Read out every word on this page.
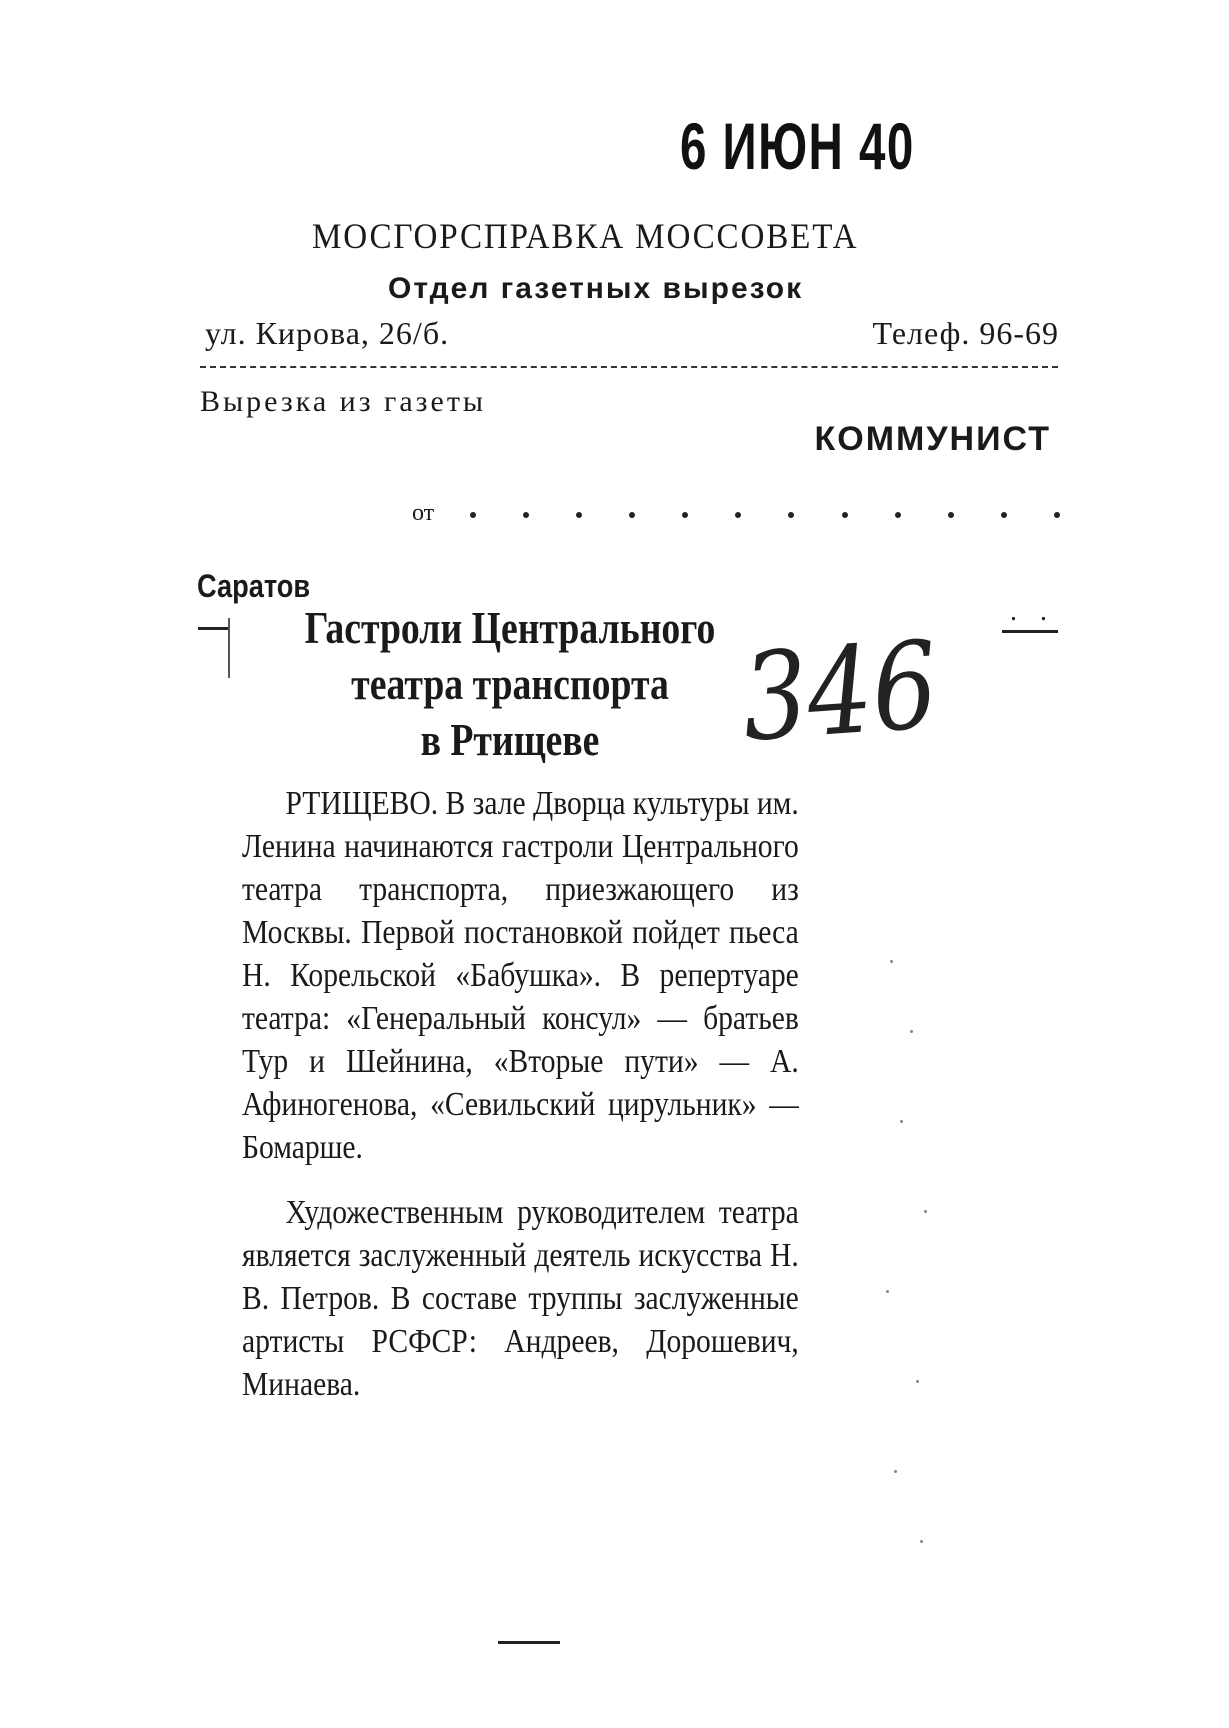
6 ИЮН 40
МОСГОРСПРАВКА МОССОВЕТА
Отдел газетных вырезок
ул. Кирова, 26/б.	Телеф. 96-69
Вырезка из газеты
КОММУНИСТ
от
Саратов
. .
Гастроли Центрального
театра транспорта
в Ртищеве	346

РТИЩЕВО. В зале Дворца культуры им. Ленина начинаются гастроли Центрального театра транспорта, приезжающего из Москвы. Первой постановкой пойдет пьеса Н. Корельской «Бабушка». В репертуаре театра: «Генеральный консул» — братьев Тур и Шейнина, «Вторые пути» — А. Афиногенова, «Севильский цирульник» — Бомарше.

Художественным руководителем театра является заслуженный деятель искусства Н. В. Петров. В составе труппы заслуженные артисты РСФСР: Андреев, Дорошевич, Минаева.
